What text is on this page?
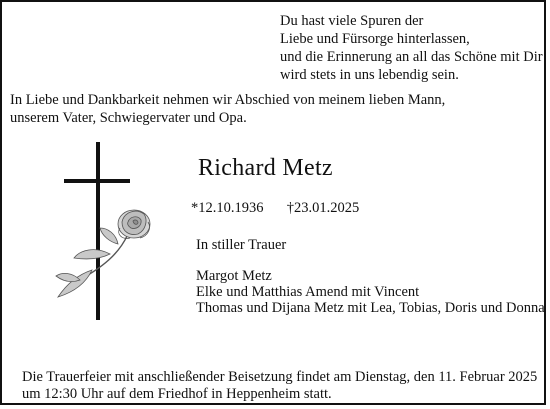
Du hast viele Spuren der
Liebe und Fürsorge hinterlassen,
und die Erinnerung an all das Schöne mit Dir
wird stets in uns lebendig sein.
In Liebe und Dankbarkeit nehmen wir Abschied von meinem lieben Mann,
unserem Vater, Schwiegervater und Opa.
Richard Metz
*12.10.1936 †23.01.2025
In stiller Trauer
Margot Metz
Elke und Matthias Amend mit Vincent
Thomas und Dijana Metz mit Lea, Tobias, Doris und Donna
Die Trauerfeier mit anschließender Beisetzung findet am Dienstag, den 11. Februar 2025
um 12:30 Uhr auf dem Friedhof in Heppenheim statt.
